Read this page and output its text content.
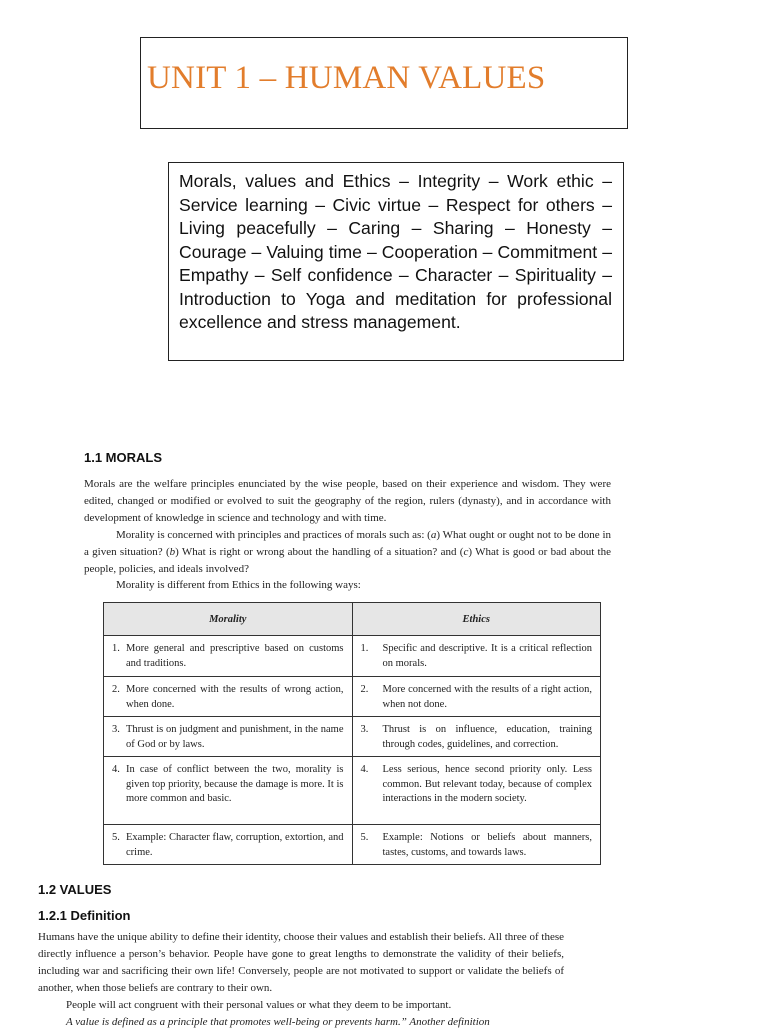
UNIT 1 – HUMAN VALUES
Morals, values and Ethics – Integrity – Work ethic – Service learning – Civic virtue – Respect for others – Living peacefully – Caring – Sharing – Honesty – Courage – Valuing time – Cooperation – Commitment – Empathy – Self confidence – Character – Spirituality – Introduction to Yoga and meditation for professional excellence and stress management.
1.1 MORALS
Morals are the welfare principles enunciated by the wise people, based on their experience and wisdom. They were edited, changed or modified or evolved to suit the geography of the region, rulers (dynasty), and in accordance with development of knowledge in science and technology and with time.
Morality is concerned with principles and practices of morals such as: (a) What ought or ought not to be done in a given situation? (b) What is right or wrong about the handling of a situation? and (c) What is good or bad about the people, policies, and ideals involved?
Morality is different from Ethics in the following ways:
Morality	Ethics

1. More general and prescriptive based on customs and traditions.	1. Specific and descriptive. It is a critical reflection on morals.

2. More concerned with the results of wrong action, when done.	2. More concerned with the results of a right action, when not done.

3. Thrust is on judgment and punishment, in the name of God or by laws.	3. Thrust is on influence, education, training through codes, guidelines, and correction.

4. In case of conflict between the two, morality is given top priority, because the damage is more. It is more common and basic.	4. Less serious, hence second priority only. Less common. But relevant today, because of complex interactions in the modern society.

5. Example: Character flaw, corruption, extortion, and crime.	5. Example: Notions or beliefs about manners, tastes, customs, and towards laws.
1.2 VALUES
1.2.1 Definition
Humans have the unique ability to define their identity, choose their values and establish their beliefs. All three of these directly influence a person’s behavior. People have gone to great lengths to demonstrate the validity of their beliefs, including war and sacrificing their own life! Conversely, people are not motivated to support or validate the beliefs of another, when those beliefs are contrary to their own.
People will act congruent with their personal values or what they deem to be important.
A value is defined as a principle that promotes well-being or prevents harm.” Another definition
